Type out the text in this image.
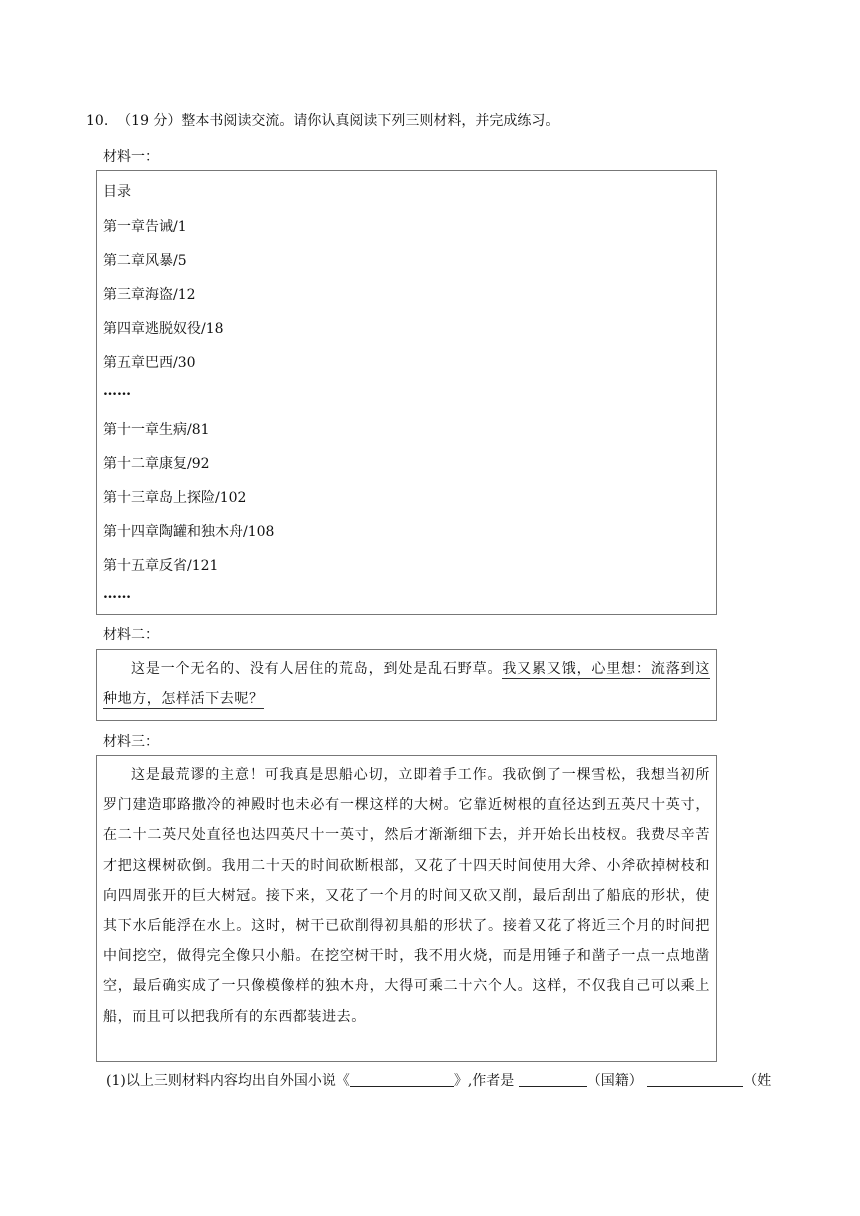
10. （19 分）整本书阅读交流。请你认真阅读下列三则材料，并完成练习。
材料一：
目录
第一章告诫/1
第二章风暴/5
第三章海盗/12
第四章逃脱奴役/18
第五章巴西/30
……
第十一章生病/81
第十二章康复/92
第十三章岛上探险/102
第十四章陶罐和独木舟/108
第十五章反省/121
……
材料二：

这是一个无名的、没有人居住的荒岛，到处是乱石野草。我又累又饿，心里想：流落到这种地方，怎样活下去呢？

材料三：

这是最荒谬的主意！可我真是思船心切，立即着手工作。我砍倒了一棵雪松，我想当初所罗门建造耶路撒冷的神殿时也未必有一棵这样的大树。它靠近树根的直径达到五英尺十英寸，在二十二英尺处直径也达四英尺十一英寸，然后才渐渐细下去，并开始长出枝杈。我费尽辛苦才把这棵树砍倒。我用二十天的时间砍断根部，又花了十四天时间使用大斧、小斧砍掉树枝和向四周张开的巨大树冠。接下来，又花了一个月的时间又砍又削，最后刮出了船底的形状，使其下水后能浮在水上。这时，树干已砍削得初具船的形状了。接着又花了将近三个月的时间把中间挖空，做得完全像只小船。在挖空树干时，我不用火烧，而是用锤子和凿子一点一点地凿空，最后确实成了一只像模像样的独木舟，大得可乘二十六个人。这样，不仅我自己可以乘上船，而且可以把我所有的东西都装进去。

(1)以上三则材料内容均出自外国小说《	》,作者是	（国籍）	（姓
